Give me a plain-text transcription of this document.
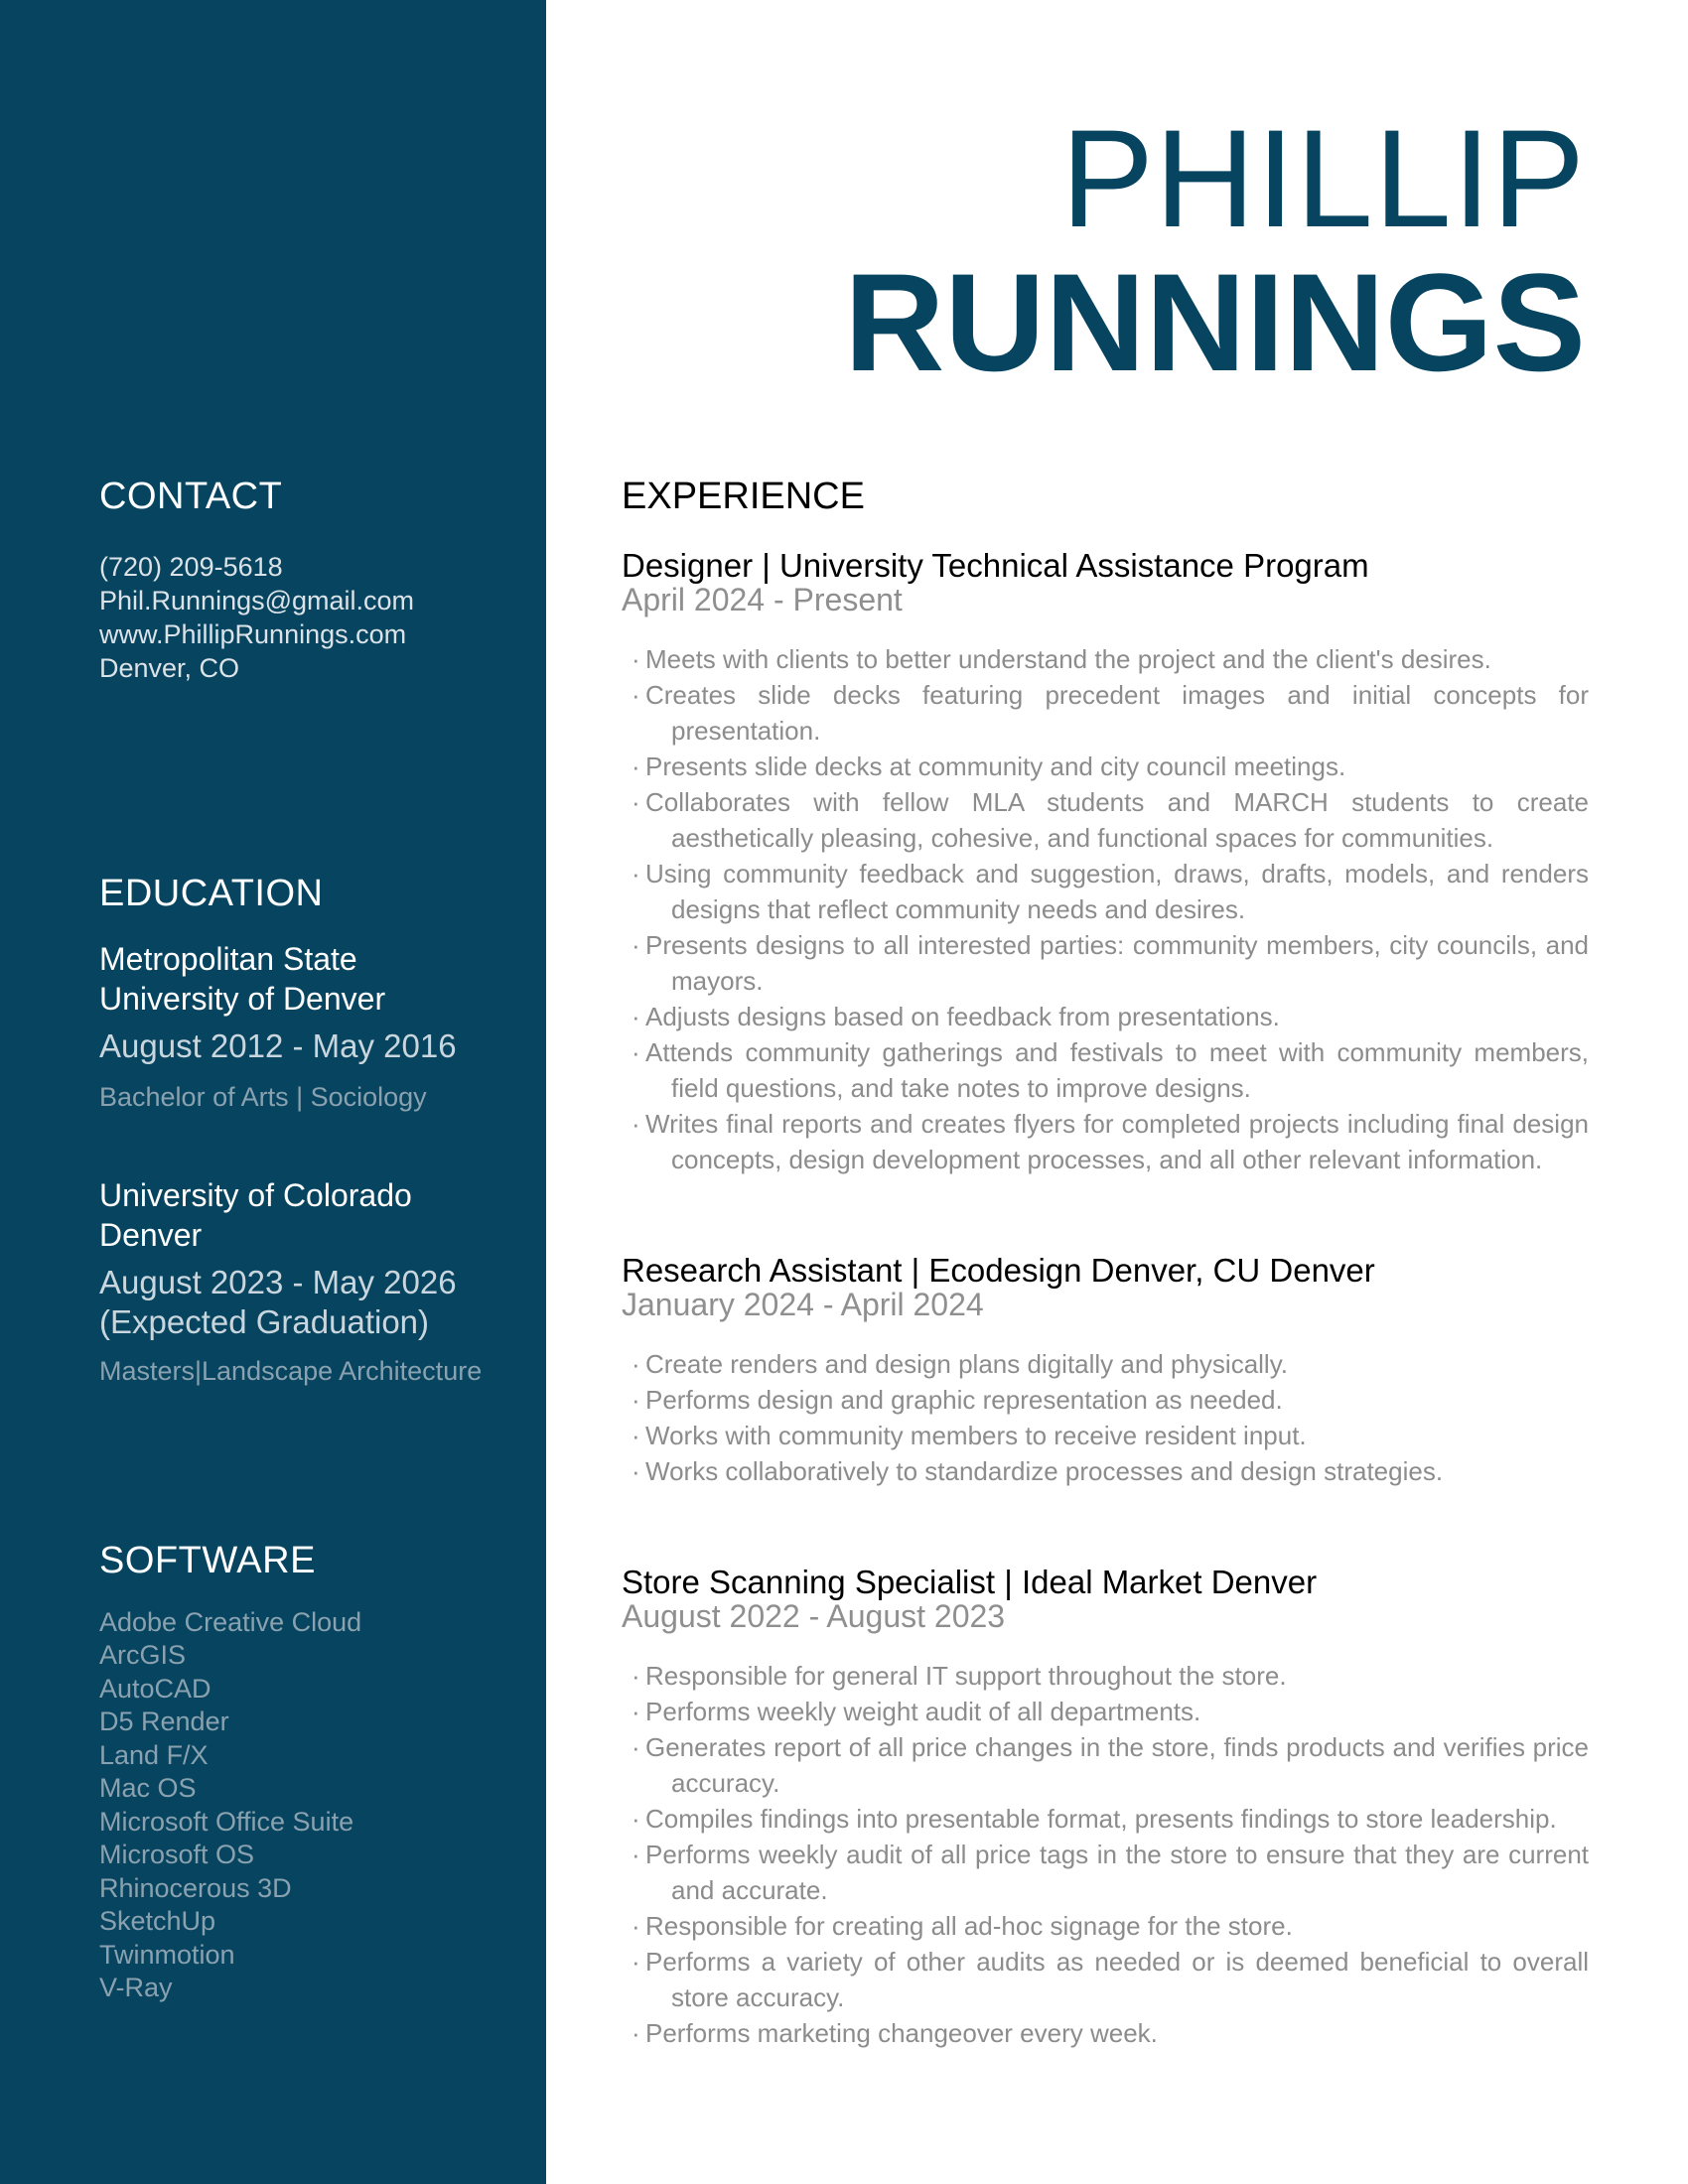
CONTACT
(720) 209-5618
Phil.Runnings@gmail.com
www.PhillipRunnings.com
Denver, CO
EDUCATION
Metropolitan State
University of Denver
August 2012 - May 2016
Bachelor of Arts | Sociology
University of Colorado
Denver
August 2023 - May 2026
(Expected Graduation)
Masters|Landscape Architecture
SOFTWARE
Adobe Creative Cloud
ArcGIS
AutoCAD
D5 Render
Land F/X
Mac OS
Microsoft Office Suite
Microsoft OS
Rhinocerous 3D
SketchUp
Twinmotion
V-Ray
PHILLIP
RUNNINGS
EXPERIENCE
Designer | University Technical Assistance Program
April 2024 - Present
· Meets with clients to better understand the project and the client's desires.
· Creates slide decks featuring precedent images and initial concepts for presentation.
· Presents slide decks at community and city council meetings.
· Collaborates with fellow MLA students and MARCH students to create aesthetically pleasing, cohesive, and functional spaces for communities.
· Using community feedback and suggestion, draws, drafts, models, and renders designs that reflect community needs and desires.
· Presents designs to all interested parties: community members, city councils, and mayors.
· Adjusts designs based on feedback from presentations.
· Attends community gatherings and festivals to meet with community members, field questions, and take notes to improve designs.
· Writes final reports and creates flyers for completed projects including final design concepts, design development processes, and all other relevant information.
Research Assistant | Ecodesign Denver, CU Denver
January 2024 - April 2024
· Create renders and design plans digitally and physically.
· Performs design and graphic representation as needed.
· Works with community members to receive resident input.
· Works collaboratively to standardize processes and design strategies.
Store Scanning Specialist | Ideal Market Denver
August 2022 - August 2023
· Responsible for general IT support throughout the store.
· Performs weekly weight audit of all departments.
· Generates report of all price changes in the store, finds products and verifies price accuracy.
· Compiles findings into presentable format, presents findings to store leadership.
· Performs weekly audit of all price tags in the store to ensure that they are current and accurate.
· Responsible for creating all ad-hoc signage for the store.
· Performs a variety of other audits as needed or is deemed beneficial to overall store accuracy.
· Performs marketing changeover every week.
